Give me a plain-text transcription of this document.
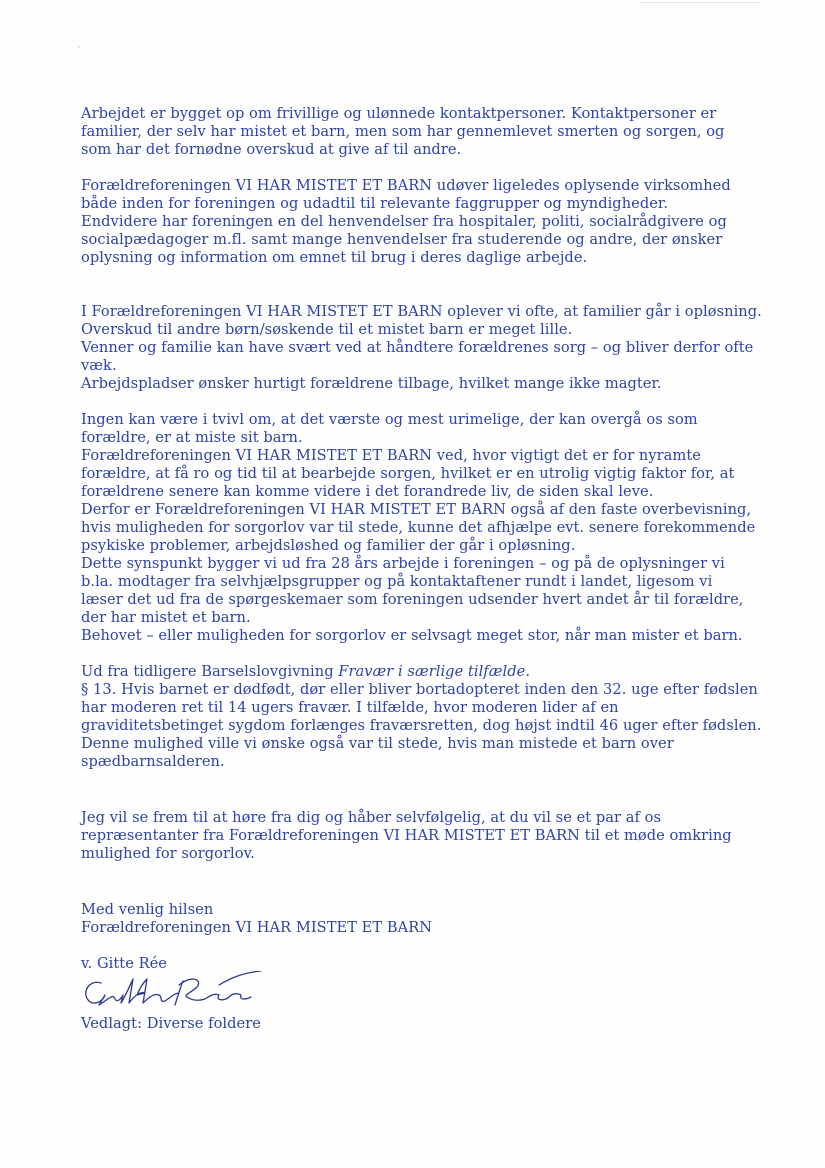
Arbejdet er bygget op om frivillige og ulønnede kontaktpersoner. Kontaktpersoner er
familier, der selv har mistet et barn, men som har gennemlevet smerten og sorgen, og
som har det fornødne overskud at give af til andre.

Forældreforeningen VI HAR MISTET ET BARN udøver ligeledes oplysende virksomhed
både inden for foreningen og udadtil til relevante faggrupper og myndigheder.
Endvidere har foreningen en del henvendelser fra hospitaler, politi, socialrådgivere og
socialpædagoger m.fl. samt mange henvendelser fra studerende og andre, der ønsker
oplysning og information om emnet til brug i deres daglige arbejde.

I Forældreforeningen VI HAR MISTET ET BARN oplever vi ofte, at familier går i opløsning.
Overskud til andre børn/søskende til et mistet barn er meget lille.
Venner og familie kan have svært ved at håndtere forældrenes sorg – og bliver derfor ofte
væk.
Arbejdspladser ønsker hurtigt forældrene tilbage, hvilket mange ikke magter.

Ingen kan være i tvivl om, at det værste og mest urimelige, der kan overgå os som
forældre, er at miste sit barn.
Forældreforeningen VI HAR MISTET ET BARN ved, hvor vigtigt det er for nyramte
forældre, at få ro og tid til at bearbejde sorgen, hvilket er en utrolig vigtig faktor for, at
forældrene senere kan komme videre i det forandrede liv, de siden skal leve.
Derfor er Forældreforeningen VI HAR MISTET ET BARN også af den faste overbevisning,
hvis muligheden for sorgorlov var til stede, kunne det afhjælpe evt. senere forekommende
psykiske problemer, arbejdsløshed og familier der går i opløsning.
Dette synspunkt bygger vi ud fra 28 års arbejde i foreningen – og på de oplysninger vi
b.la. modtager fra selvhjælpsgrupper og på kontaktaftener rundt i landet, ligesom vi
læser det ud fra de spørgeskemaer som foreningen udsender hvert andet år til forældre,
der har mistet et barn.
Behovet – eller muligheden for sorgorlov er selvsagt meget stor, når man mister et barn.

Ud fra tidligere Barselslovgivning Fravær i særlige tilfælde.
§ 13. Hvis barnet er dødfødt, dør eller bliver bortadopteret inden den 32. uge efter fødslen
har moderen ret til 14 ugers fravær. I tilfælde, hvor moderen lider af en
graviditetsbetinget sygdom forlænges fraværsretten, dog højst indtil 46 uger efter fødslen.
Denne mulighed ville vi ønske også var til stede, hvis man mistede et barn over
spædbarnsalderen.

Jeg vil se frem til at høre fra dig og håber selvfølgelig, at du vil se et par af os
repræsentanter fra Forældreforeningen VI HAR MISTET ET BARN til et møde omkring
mulighed for sorgorlov.

Med venlig hilsen
Forældreforeningen VI HAR MISTET ET BARN
v. Gitte Rée
Vedlagt: Diverse foldere
